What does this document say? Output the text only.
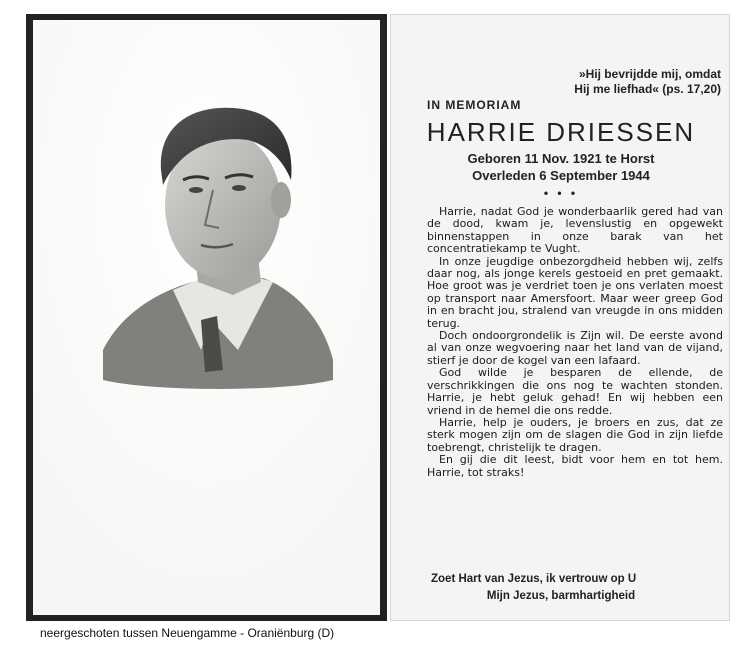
»Hij bevrijdde mij, omdat
Hij me liefhad« (ps. 17,20)
IN MEMORIAM
HARRIE DRIESSEN
Geboren 11 Nov. 1921 te Horst
Overleden 6 September 1944
• • •

Harrie, nadat God je wonderbaarlik gered had van de dood, kwam je, levenslustig en opgewekt binnenstappen in onze barak van het concentratiekamp te Vught.

In onze jeugdige onbezorgdheid hebben wij, zelfs daar nog, als jonge kerels gestoeid en pret gemaakt. Hoe groot was je verdriet toen je ons verlaten moest op transport naar Amersfoort. Maar weer greep God in en bracht jou, stralend van vreugde in ons midden terug.

Doch ondoorgrondelik is Zijn wil. De eerste avond al van onze wegvoering naar het land van de vijand, stierf je door de kogel van een lafaard.

God wilde je besparen de ellende, de verschrikkingen die ons nog te wachten stonden. Harrie, je hebt geluk gehad! En wij hebben een vriend in de hemel die ons redde.

Harrie, help je ouders, je broers en zus, dat ze sterk mogen zijn om de slagen die God in zijn liefde toebrengt, christelijk te dragen.

En gij die dit leest, bidt voor hem en tot hem. Harrie, tot straks!

Zoet Hart van Jezus, ik vertrouw op U
Mijn Jezus, barmhartigheid
neergeschoten tussen Neuengamme - Oraniënburg (D)
